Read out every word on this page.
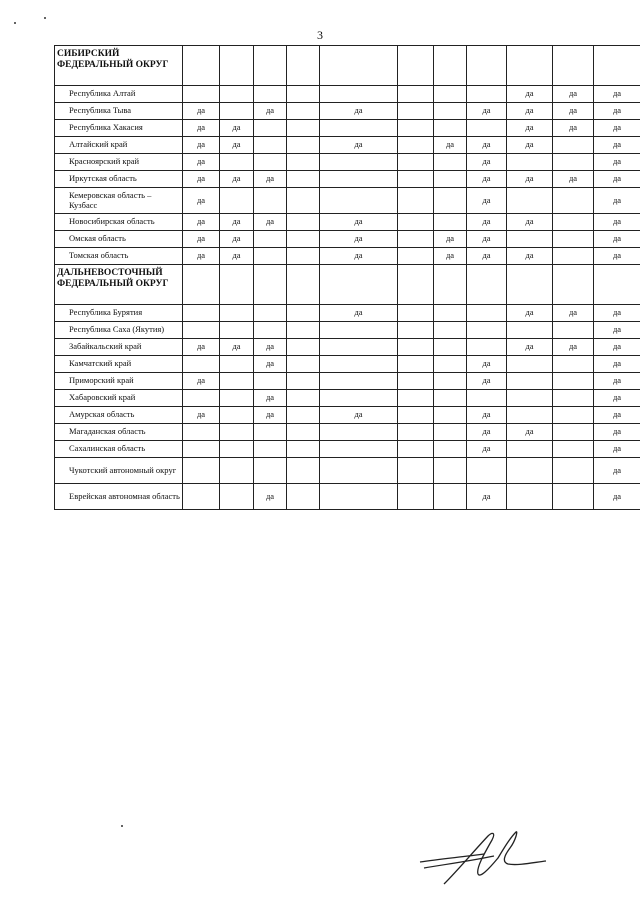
3
СИБИРСКИЙ ФЕДЕРАЛЬНЫЙ ОКРУГ												
Республика Алтай									да	да	да	
Республика Тыва	да		да		да			да	да	да	да	
Республика Хакасия	да	да							да	да	да	
Алтайский край	да	да			да		да	да	да		да	
Красноярский край	да							да			да	
Иркутская область	да	да	да					да	да	да	да	
Кемеровская область – Кузбасс	да							да			да	
Новосибирская область	да	да	да		да			да	да		да	
Омская область	да	да			да		да	да			да	
Томская область	да	да			да		да	да	да		да	
ДАЛЬНЕВОСТОЧНЫЙ ФЕДЕРАЛЬНЫЙ ОКРУГ												
Республика Бурятия					да				да	да	да	
Республика Саха (Якутия)											да	
Забайкальский край	да	да	да						да	да	да	
Камчатский край			да					да			да	
Приморский край	да							да			да	
Хабаровский край			да								да	
Амурская область	да		да		да			да			да	
Магаданская область								да	да		да	
Сахалинская область								да			да	
Чукотский автономный округ											да	
Еврейская автономная область			да					да			да	
